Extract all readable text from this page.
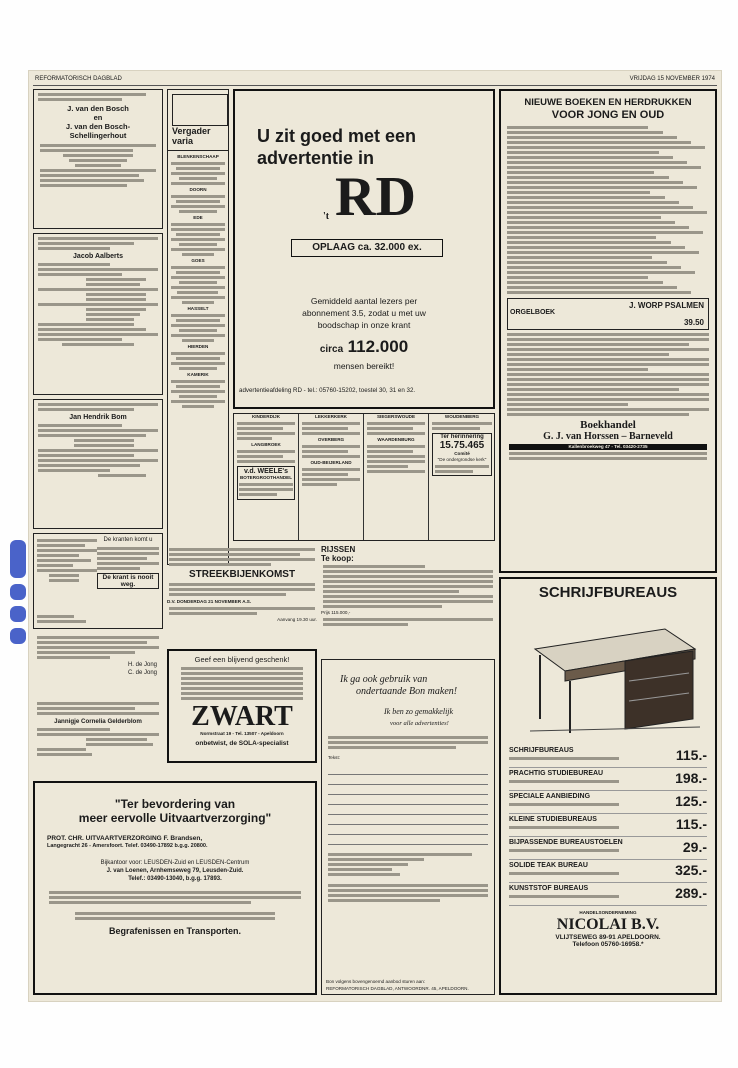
REFORMATORISCH DAGBLAD	VRIJDAG 15 NOVEMBER 1974
J. van den Bosch
en
J. van den Bosch-
Schellingerhout
Jacob Aalberts
Jan Hendrik Bom
De kranten komt u
De krant is nooit weg.
H. de Jong
C. de Jong
Jannigje Cornelia Gelderblom
Vergader varia
BLENKENSCHAAP
DOORN
EDE
GOES
HASSELT
HIERDEN
KAMERIK
U zit goed met een
advertentie in
't RD
OPLAAG ca. 32.000 ex.
Gemiddeld aantal lezers per
abonnement 3.5, zodat u met uw
boodschap in onze krant
circa 112.000
mensen bereikt!
advertentieafdeling RD - tel.: 05760-15202, toestel 30, 31 en 32.
KINDERDIJK
LANGBROEK
v.d. WEELE's
BOTERGROOTHANDEL
LEKKERKERK
OVERBERG
OUD-BEIJERLAND
SIEGERSWOUDE
WAARDENBURG
WOUDENBERG
Ter herinnering
15.75.465
Comité
"De ondergrondse kerk"
STREEKBIJENKOMST
D.V. DONDERDAG 21 NOVEMBER A.S.
Aanvang 19.30 uur.
Geef een blijvend geschenk!
ZWART
Normstraat 19 - Tel. 13507 - Apeldoorn
onbetwist, de SOLA-specialist
RIJSSEN
Te koop:
Prijs 115.000,-
Ik ga ook gebruik van
ondertaande Bon maken!
Ik ben zo gemakkelijk
voor alle advertenties!
Tekst:
Bon volgens bovengenoemd aanbod sturen aan:
REFORMATORISCH DAGBLAD, ANTWOORDNR. 45, APELDOORN.
"Ter bevordering van
meer eervolle Uitvaartverzorging"
PROT. CHR. UITVAARTVERZORGING F. Brandsen,
Langegracht 26 - Amersfoort. Telef. 03490-17892 b.g.g. 20800.
Bijkantoor voor: LEUSDEN-Zuid en LEUSDEN-Centrum
J. van Loenen, Arnhemseweg 79, Leusden-Zuid.
Telef.: 03490-13040, b.g.g. 17893.
Begrafenissen en Transporten.
NIEUWE BOEKEN EN HERDRUKKEN
VOOR JONG EN OUD
ORGELBOEK
J. WORP PSALMEN
39.50
Boekhandel
G. J. van Horssen – Barneveld
Kallenbroekweg 47 - Tel. 03420-2735
SCHRIJFBUREAUS
SCHRIJFBUREAUS	115.-
PRACHTIG STUDIEBUREAU	198.-
SPECIALE AANBIEDING	125.-
KLEINE STUDIEBUREAUS	115.-
BIJPASSENDE BUREAUSTOELEN	29.-
SOLIDE TEAK BUREAU	325.-
KUNSTSTOF BUREAUS	289.-
HANDELSONDERNEMING
NICOLAI B.V.
VLIJTSEWEG 89-91 APELDOORN.
Telefoon 05760-16958.*
